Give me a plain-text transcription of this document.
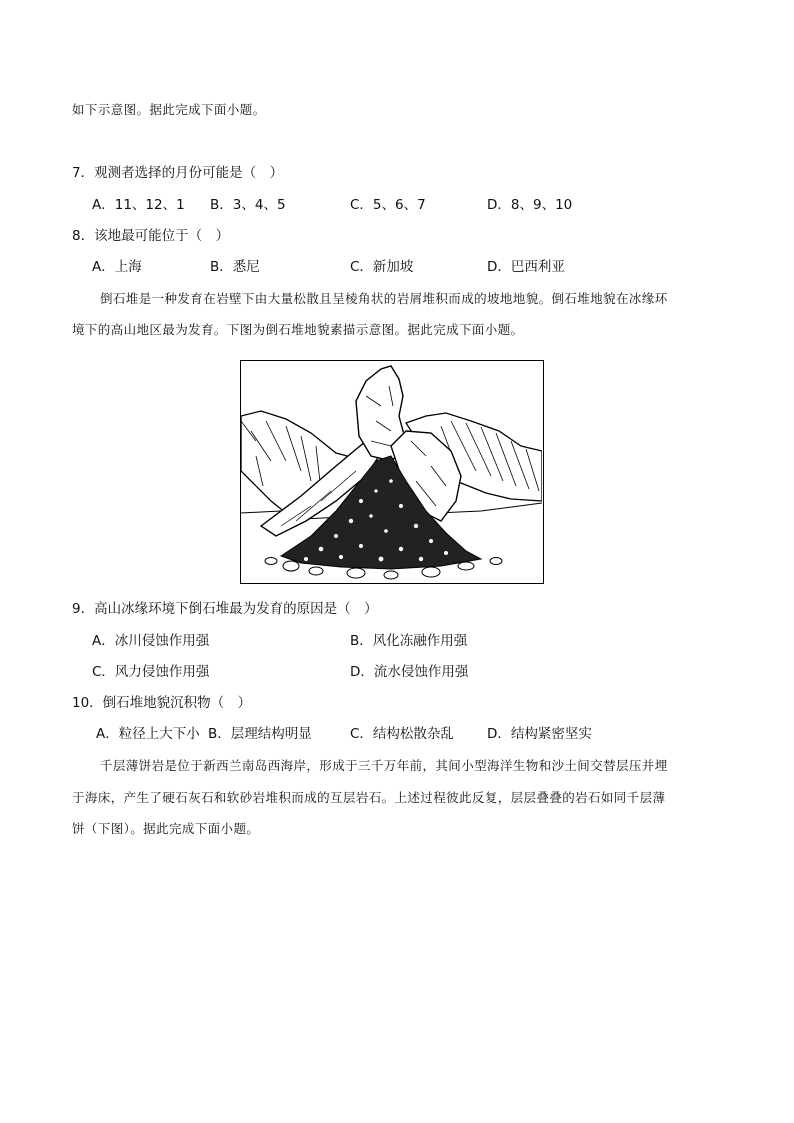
如下示意图。据此完成下面小题。
7．观测者选择的月份可能是（　）
A．11、12、1 B．3、4、5	C．5、6、7	D．8、9、10
8．该地最可能位于（　）
A．上海	B．悉尼	C．新加坡	D．巴西利亚
倒石堆是一种发育在岩壁下由大量松散且呈棱角状的岩屑堆积而成的坡地地貌。倒石堆地貌在冰缘环
境下的高山地区最为发育。下图为倒石堆地貌素描示意图。据此完成下面小题。
9．高山冰缘环境下倒石堆最为发育的原因是（　）
A．冰川侵蚀作用强	B．风化冻融作用强
C．风力侵蚀作用强	D．流水侵蚀作用强
10．倒石堆地貌沉积物（　）
A．粒径上大下小 B．层理结构明显	C．结构松散杂乱 D．结构紧密坚实
千层薄饼岩是位于新西兰南岛西海岸，形成于三千万年前，其间小型海洋生物和沙土间交替层压并埋
于海床，产生了硬石灰石和软砂岩堆积而成的互层岩石。上述过程彼此反复，层层叠叠的岩石如同千层薄
饼（下图）。据此完成下面小题。
